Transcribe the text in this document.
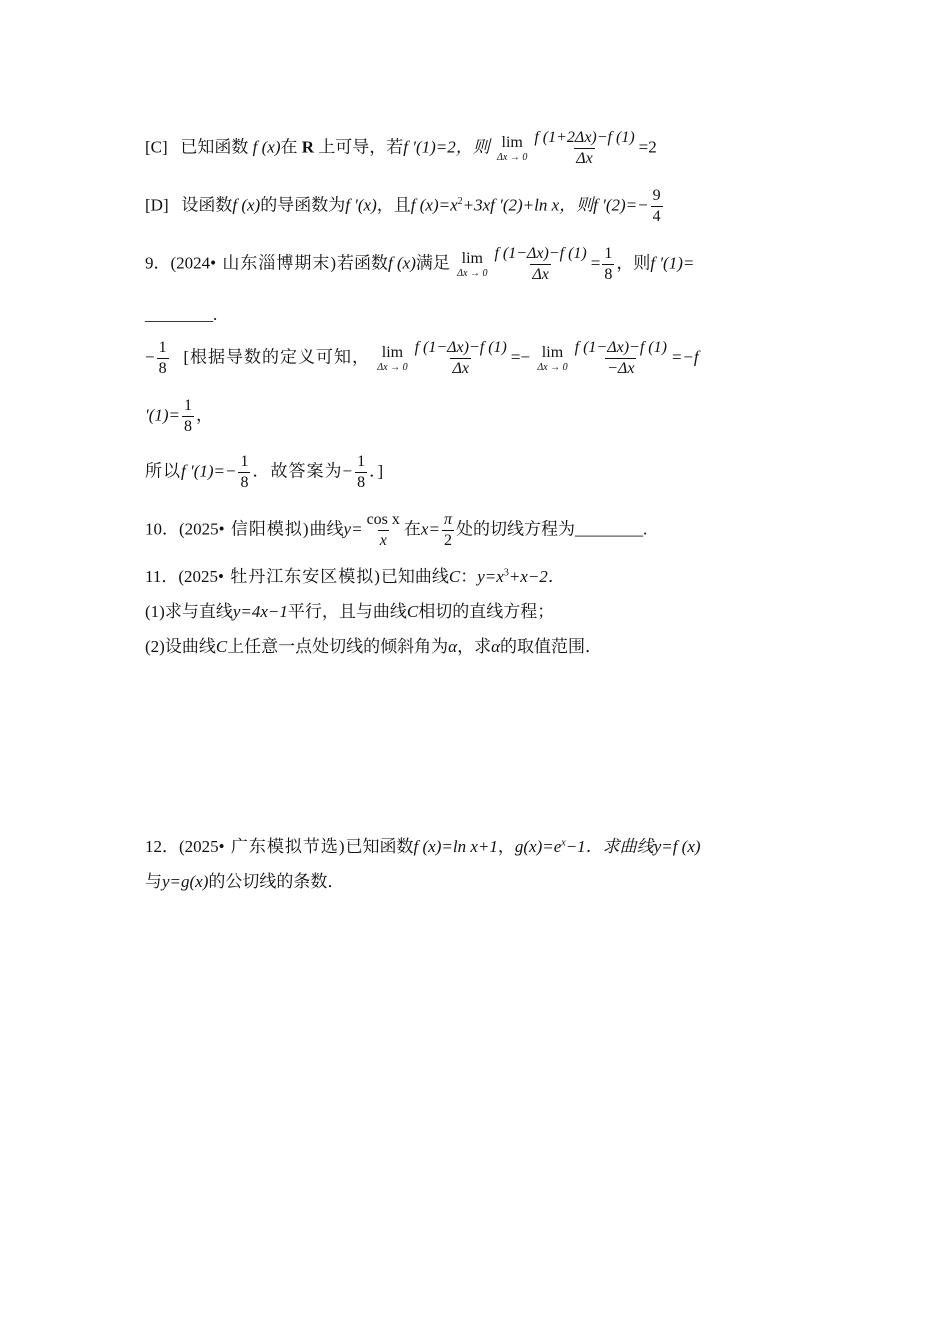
[C] 已知函数 f (x)在 R 上可导，若f ′(1)=2，则 lim
$\Delta x \to 0 \frac{f (1+2\Delta x)-f (1)}{\Delta x} =2$
[D] 设函数f (x)的导函数为f ′(x)，且f $(x)=x^2+3xf$ ′(2)+ln x，则f $'(2)=- \frac{9}{4}$
9．(2024• 山东淄博期末)若函数f (x)满足 lim
$\Delta x \to 0 \frac{f (1-\Delta x)-f (1)}{\Delta x} = \frac{1}{8}$ ，则f ′(1)=
________.
− $\frac{1}{8}$ [根据导数的定义可知， lim
$\Delta x \to 0 \frac{f (1-\Delta x)-f (1)}{\Delta x} =- \lim$
$\Delta x \to 0 \frac{f (1-\Delta x)-f (1)}{-\Delta x} =-f$
$'(1)= \frac{1}{8}$ ，
所以f $'(1)=- \frac{1}{8}$ ．故答案为− $\frac{1}{8}$ ．]
10．(2025• 信阳模拟)曲线$y= \frac{\text{cos x}}{x}$ 在$x= \frac{\pi}{2}$ 处的切线方程为________.
11．(2025• 牡丹江东安区模拟)已知曲线C：$y=x^3+x-2$．
(1)求与直线y=4x−1平行，且与曲线C相切的直线方程；
(2)设曲线C上任意一点处切线的倾斜角为α，求α的取值范围．
12．(2025• 广东模拟节选)已知函数f (x)=ln x+1，$g(x)=e^x-1$．求曲线y=f (x)
与y=g(x)的公切线的条数．
